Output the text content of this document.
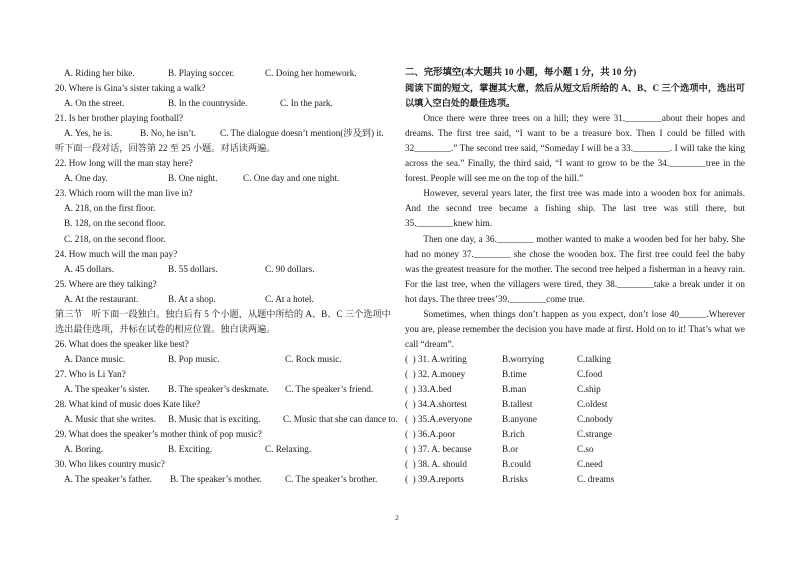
A. Riding her bike.	B. Playing soccer.	C. Doing her homework.
20. Where is Gina’s sister taking a walk?
A. On the street.	B. In the countryside.	C. In the park.
21. Is her brother playing football?
A. Yes, he is.	B. No, he isn’t.	C. The dialogue doesn’t mention(涉及到) it.
听下面一段对话，回答第 22 至 25 小题。对话读两遍。
22. How long will the man stay here?
A. One day.	B. One night.	C. One day and one night.
23. Which room will the man live in?
A. 218, on the first floor.
B. 128, on the second floor.
C. 218, on the second floor.
24. How much will the man pay?
A. 45 dollars.	B. 55 dollars.	C. 90 dollars.
25. Where are they talking?
A. At the restaurant.	B. At a shop.	C. At a hotel.
第三节　听下面一段独白。独白后有 5 个小题，从题中所给的 A、B、C 三个选项中
选出最佳选项，并标在试卷的相应位置。独白读两遍。
26. What does the speaker like best?
A. Dance music.	B. Pop music.	C. Rock music.
27. Who is Li Yan?
A. The speaker’s sister. B. The speaker’s deskmate. C. The speaker’s friend.
28. What kind of music does Kate like?
A. Music that she writes. B. Music that is exciting. C. Music that she can dance to.
29. What does the speaker’s mother think of pop music?
A. Boring.	B. Exciting.	C. Relaxing.
30. Who likes country music?
A. The speaker’s father. B. The speaker’s mother.	C. The speaker’s brother.
二、完形填空(本大题共 10 小题，每小题 1 分，共 10 分)
阅读下面的短文，掌握其大意，然后从短文后所给的 A、B、C 三个选项中，选出可以填入空白处的最佳选项。

Once there were three trees on a hill; they were 31.________about their hopes and dreams. The first tree said, “I want to be a treasure box. Then I could be filled with 32________.” The second tree said, “Someday I will be a 33.________. I will take the king across the sea.” Finally, the third said, “I want to grow to be the 34.________tree in the forest. People will see me on the top of the hill.”

However, several years later, the first tree was made into a wooden box for animals. And the second tree became a fishing ship. The last tree was still there, but 35.________knew him.

Then one day, a 36.________ mother wanted to make a wooden bed for her baby. She had no money 37.________ she chose the wooden box. The first tree could feel the baby was the greatest treasure for the mother. The second tree helped a fisherman in a heavy rain. For the last tree, when the villagers were tired, they 38.________take a break under it on hot days. The three trees’39.________come true.

Sometimes, when things don’t happen as you expect, don’t lose 40______.Wherever you are, please remember the decision you have made at first. Hold on to it! That’s what we call “dream”.

( ) 31. A.writing	B.worrying	C.talking
( ) 32. A.money	B.time	C.food
( ) 33.A.bed	B.man	C.ship
( ) 34.A.shortest	B.tallest	C.oldest
( ) 35.A.everyone	B.anyone	C.nobody
( ) 36.A.poor	B.rich	C.strange
( ) 37. A. because	B.or	C.so
( ) 38. A. should	B.could	C.need
( ) 39.A.reports	B.risks	C. dreams
2
